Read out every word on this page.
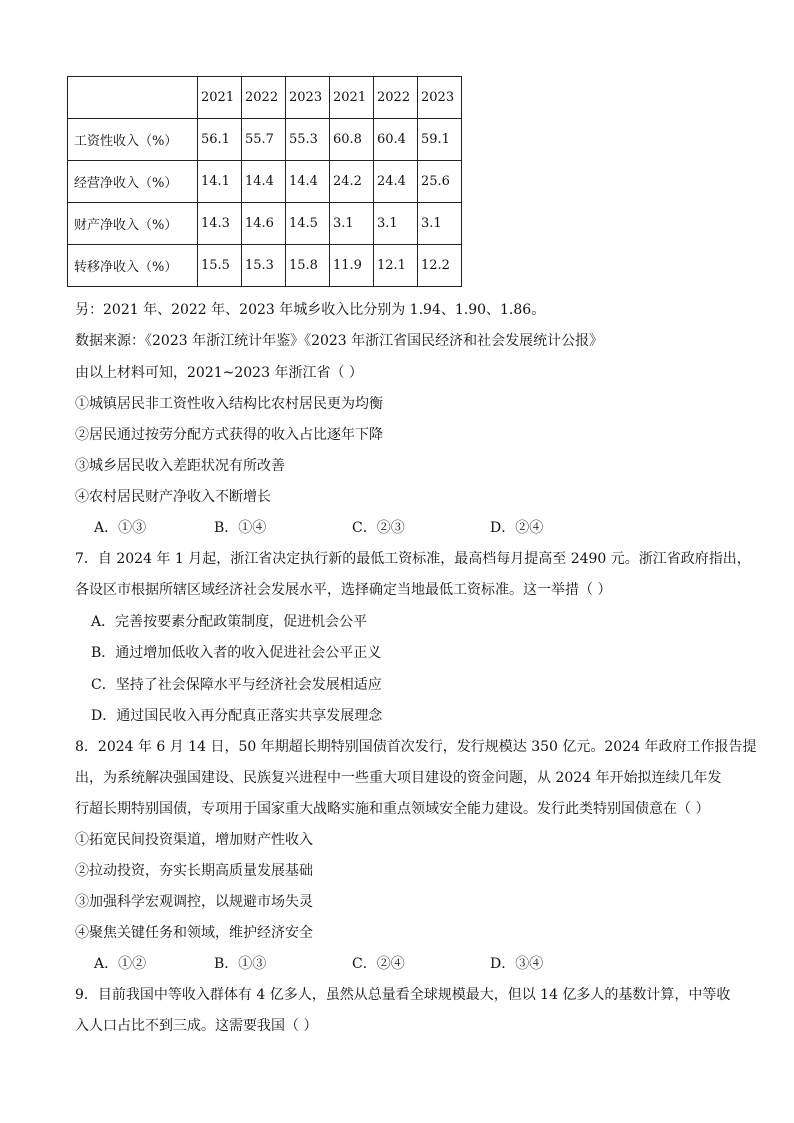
	2021	2022	2023	2021	2022	2023
工资性收入（%）	56.1	55.7	55.3	60.8	60.4	59.1
经营净收入（%）	14.1	14.4	14.4	24.2	24.4	25.6
财产净收入（%）	14.3	14.6	14.5	3.1	3.1	3.1
转移净收入（%）	15.5	15.3	15.8	11.9	12.1	12.2
另：2021 年、2022 年、2023 年城乡收入比分别为 1.94、1.90、1.86。
数据来源：《2023 年浙江统计年鉴》《2023 年浙江省国民经济和社会发展统计公报》
由以上材料可知，2021~2023 年浙江省（ ）
①城镇居民非工资性收入结构比农村居民更为均衡
②居民通过按劳分配方式获得的收入占比逐年下降
③城乡居民收入差距状况有所改善
④农村居民财产净收入不断增长
A．①③	B．①④	C．②③	D．②④
7．自 2024 年 1 月起，浙江省决定执行新的最低工资标准，最高档每月提高至 2490 元。浙江省政府指出，
各设区市根据所辖区域经济社会发展水平，选择确定当地最低工资标准。这一举措（ ）
A．完善按要素分配政策制度，促进机会公平
B．通过增加低收入者的收入促进社会公平正义
C．坚持了社会保障水平与经济社会发展相适应
D．通过国民收入再分配真正落实共享发展理念
8．2024 年 6 月 14 日，50 年期超长期特别国债首次发行，发行规模达 350 亿元。2024 年政府工作报告提
出，为系统解决强国建设、民族复兴进程中一些重大项目建设的资金问题，从 2024 年开始拟连续几年发
行超长期特别国债，专项用于国家重大战略实施和重点领域安全能力建设。发行此类特别国债意在（ ）
①拓宽民间投资渠道，增加财产性收入
②拉动投资，夯实长期高质量发展基础
③加强科学宏观调控，以规避市场失灵
④聚焦关键任务和领域，维护经济安全
A．①②	B．①③	C．②④	D．③④
9．目前我国中等收入群体有 4 亿多人，虽然从总量看全球规模最大，但以 14 亿多人的基数计算，中等收
入人口占比不到三成。这需要我国（ ）
